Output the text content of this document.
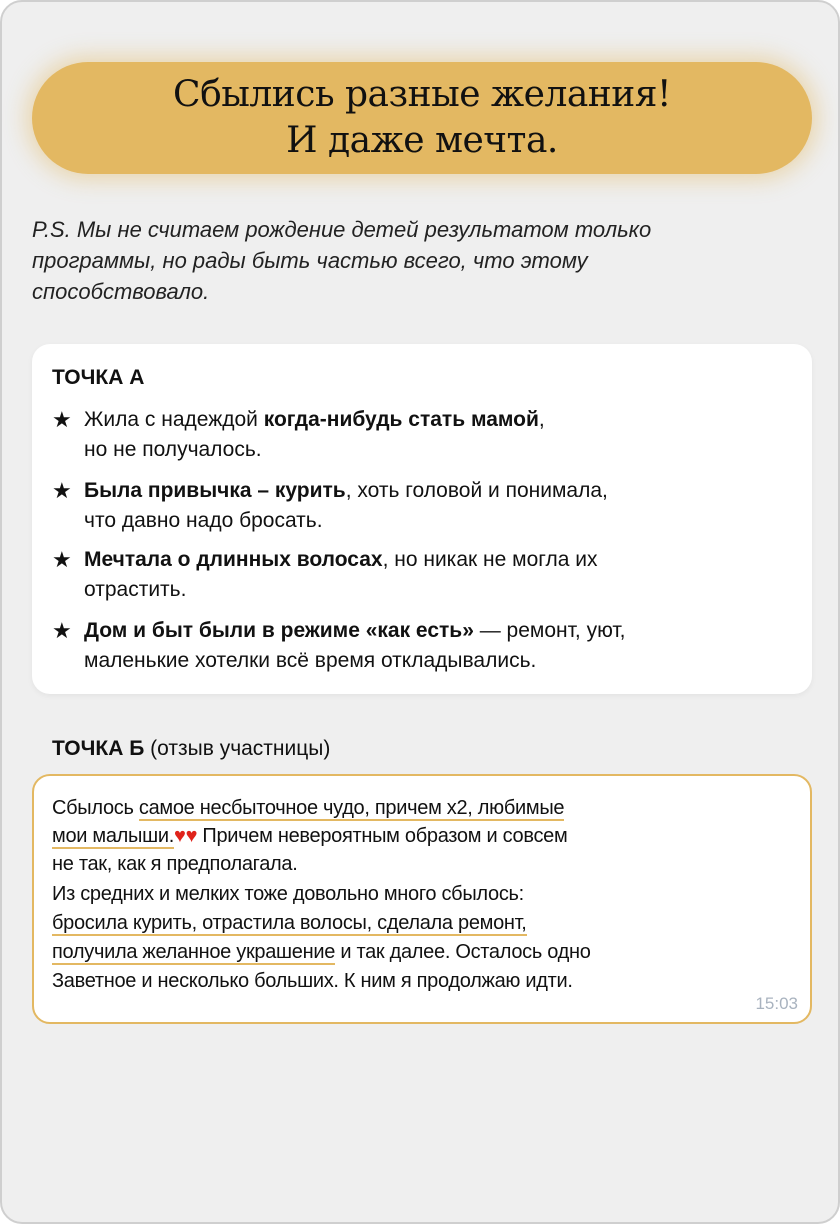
Сбылись разные желания!
И даже мечта.
P.S. Мы не считаем рождение детей результатом только
программы, но рады быть частью всего, что этому
способствовало.
ТОЧКА А
★ Жила с надеждой когда-нибудь стать мамой,
но не получалось.
★ Была привычка – курить, хоть головой и понимала,
что давно надо бросать.
★ Мечтала о длинных волосах, но никак не могла их
отрастить.
★ Дом и быт были в режиме «как есть» — ремонт, уют,
маленькие хотелки всё время откладывались.
ТОЧКА Б (отзыв участницы)
Сбылось самое несбыточное чудо, причем х2, любимые
мои малыши.♥♥ Причем невероятным образом и совсем
не так, как я предполагала.
Из средних и мелких тоже довольно много сбылось:
бросила курить, отрастила волосы, сделала ремонт,
получила желанное украшение и так далее. Осталось одно
Заветное и несколько больших. К ним я продолжаю идти.
15:03
